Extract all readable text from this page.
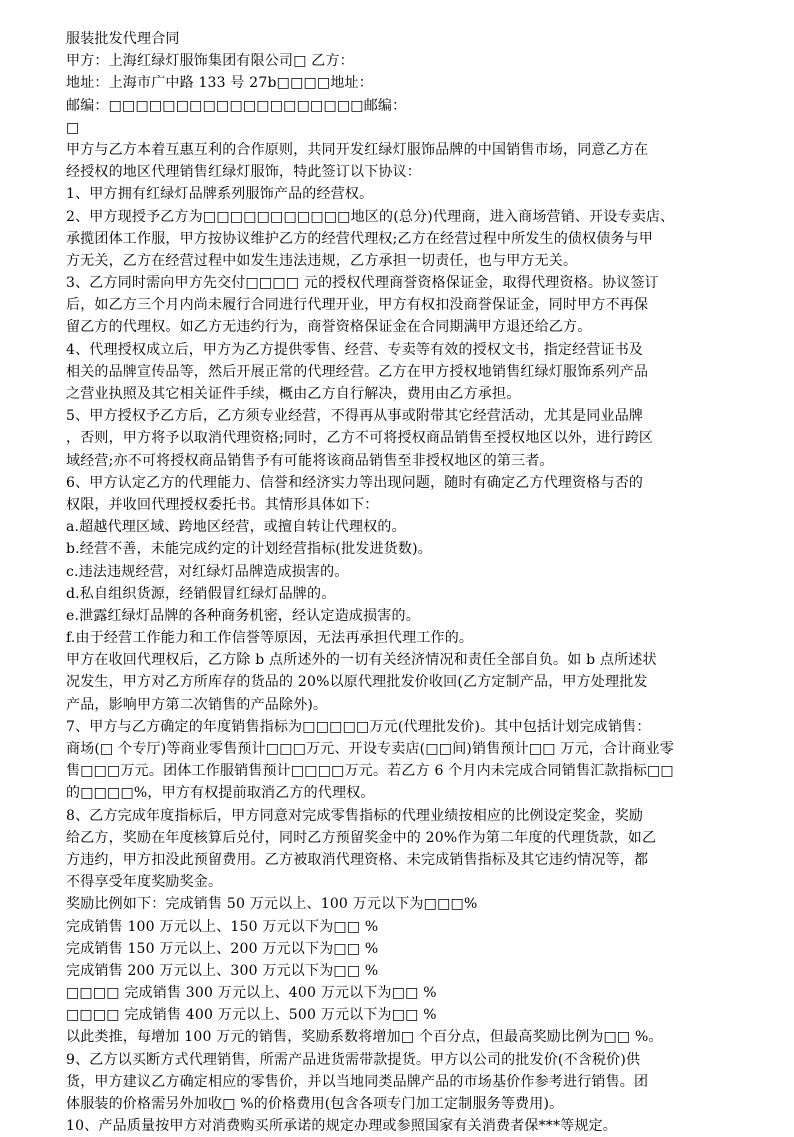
服装批发代理合同
甲方：上海红绿灯服饰集团有限公司□ 乙方：
地址：上海市广中路 133 号 27b□□□□地址：
邮编：□□□□□□□□□□□□□□□□□□□邮编：
□
甲方与乙方本着互惠互利的合作原则，共同开发红绿灯服饰品牌的中国销售市场，同意乙方在
经授权的地区代理销售红绿灯服饰，特此签订以下协议：
1、甲方拥有红绿灯品牌系列服饰产品的经营权。
2、甲方现授予乙方为□□□□□□□□□□□地区的(总分)代理商，进入商场营销、开设专卖店、
承揽团体工作服，甲方按协议维护乙方的经营代理权;乙方在经营过程中所发生的债权债务与甲
方无关，乙方在经营过程中如发生违法违规，乙方承担一切责任，也与甲方无关。
3、乙方同时需向甲方先交付□□□□ 元的授权代理商誉资格保证金，取得代理资格。协议签订
后，如乙方三个月内尚未履行合同进行代理开业，甲方有权扣没商誉保证金，同时甲方不再保
留乙方的代理权。如乙方无违约行为，商誉资格保证金在合同期满甲方退还给乙方。
4、代理授权成立后，甲方为乙方提供零售、经营、专卖等有效的授权文书，指定经营证书及
相关的品牌宣传品等，然后开展正常的代理经营。乙方在甲方授权地销售红绿灯服饰系列产品
之营业执照及其它相关证件手续，概由乙方自行解决，费用由乙方承担。
5、甲方授权予乙方后，乙方须专业经营，不得再从事或附带其它经营活动，尤其是同业品牌
，否则，甲方将予以取消代理资格;同时，乙方不可将授权商品销售至授权地区以外，进行跨区
域经营;亦不可将授权商品销售予有可能将该商品销售至非授权地区的第三者。
6、甲方认定乙方的代理能力、信誉和经济实力等出现问题，随时有确定乙方代理资格与否的
权限，并收回代理授权委托书。其情形具体如下：
a.超越代理区域、跨地区经营，或擅自转让代理权的。
b.经营不善，未能完成约定的计划经营指标(批发进货数)。
c.违法违规经营，对红绿灯品牌造成损害的。
d.私自组织货源，经销假冒红绿灯品牌的。
e.泄露红绿灯品牌的各种商务机密，经认定造成损害的。
f.由于经营工作能力和工作信誉等原因，无法再承担代理工作的。
甲方在收回代理权后，乙方除 b 点所述外的一切有关经济情况和责任全部自负。如 b 点所述状
况发生，甲方对乙方所库存的货品的 20%以原代理批发价收回(乙方定制产品，甲方处理批发
产品，影响甲方第二次销售的产品除外)。
7、甲方与乙方确定的年度销售指标为□□□□□万元(代理批发价)。其中包括计划完成销售：
商场(□ 个专厅)等商业零售预计□□□万元、开设专卖店(□□间)销售预计□□ 万元，合计商业零
售□□□万元。团体工作服销售预计□□□□万元。若乙方 6 个月内未完成合同销售汇款指标□□
的□□□□%，甲方有权提前取消乙方的代理权。
8、乙方完成年度指标后，甲方同意对完成零售指标的代理业绩按相应的比例设定奖金，奖励
给乙方，奖励在年度核算后兑付，同时乙方预留奖金中的 20%作为第二年度的代理货款，如乙
方违约，甲方扣没此预留费用。乙方被取消代理资格、未完成销售指标及其它违约情况等，都
不得享受年度奖励奖金。
奖励比例如下：完成销售 50 万元以上、100 万元以下为□□□%
完成销售 100 万元以上、150 万元以下为□□ %
完成销售 150 万元以上、200 万元以下为□□ %
完成销售 200 万元以上、300 万元以下为□□ %
□□□□ 完成销售 300 万元以上、400 万元以下为□□ %
□□□□ 完成销售 400 万元以上、500 万元以下为□□ %
以此类推，每增加 100 万元的销售，奖励系数将增加□ 个百分点，但最高奖励比例为□□ %。
9、乙方以买断方式代理销售，所需产品进货需带款提货。甲方以公司的批发价(不含税价)供
货，甲方建议乙方确定相应的零售价，并以当地同类品牌产品的市场基价作参考进行销售。团
体服装的价格需另外加收□ %的价格费用(包含各项专门加工定制服务等费用)。
10、产品质量按甲方对消费购买所承诺的规定办理或参照国家有关消费者保***等规定。
